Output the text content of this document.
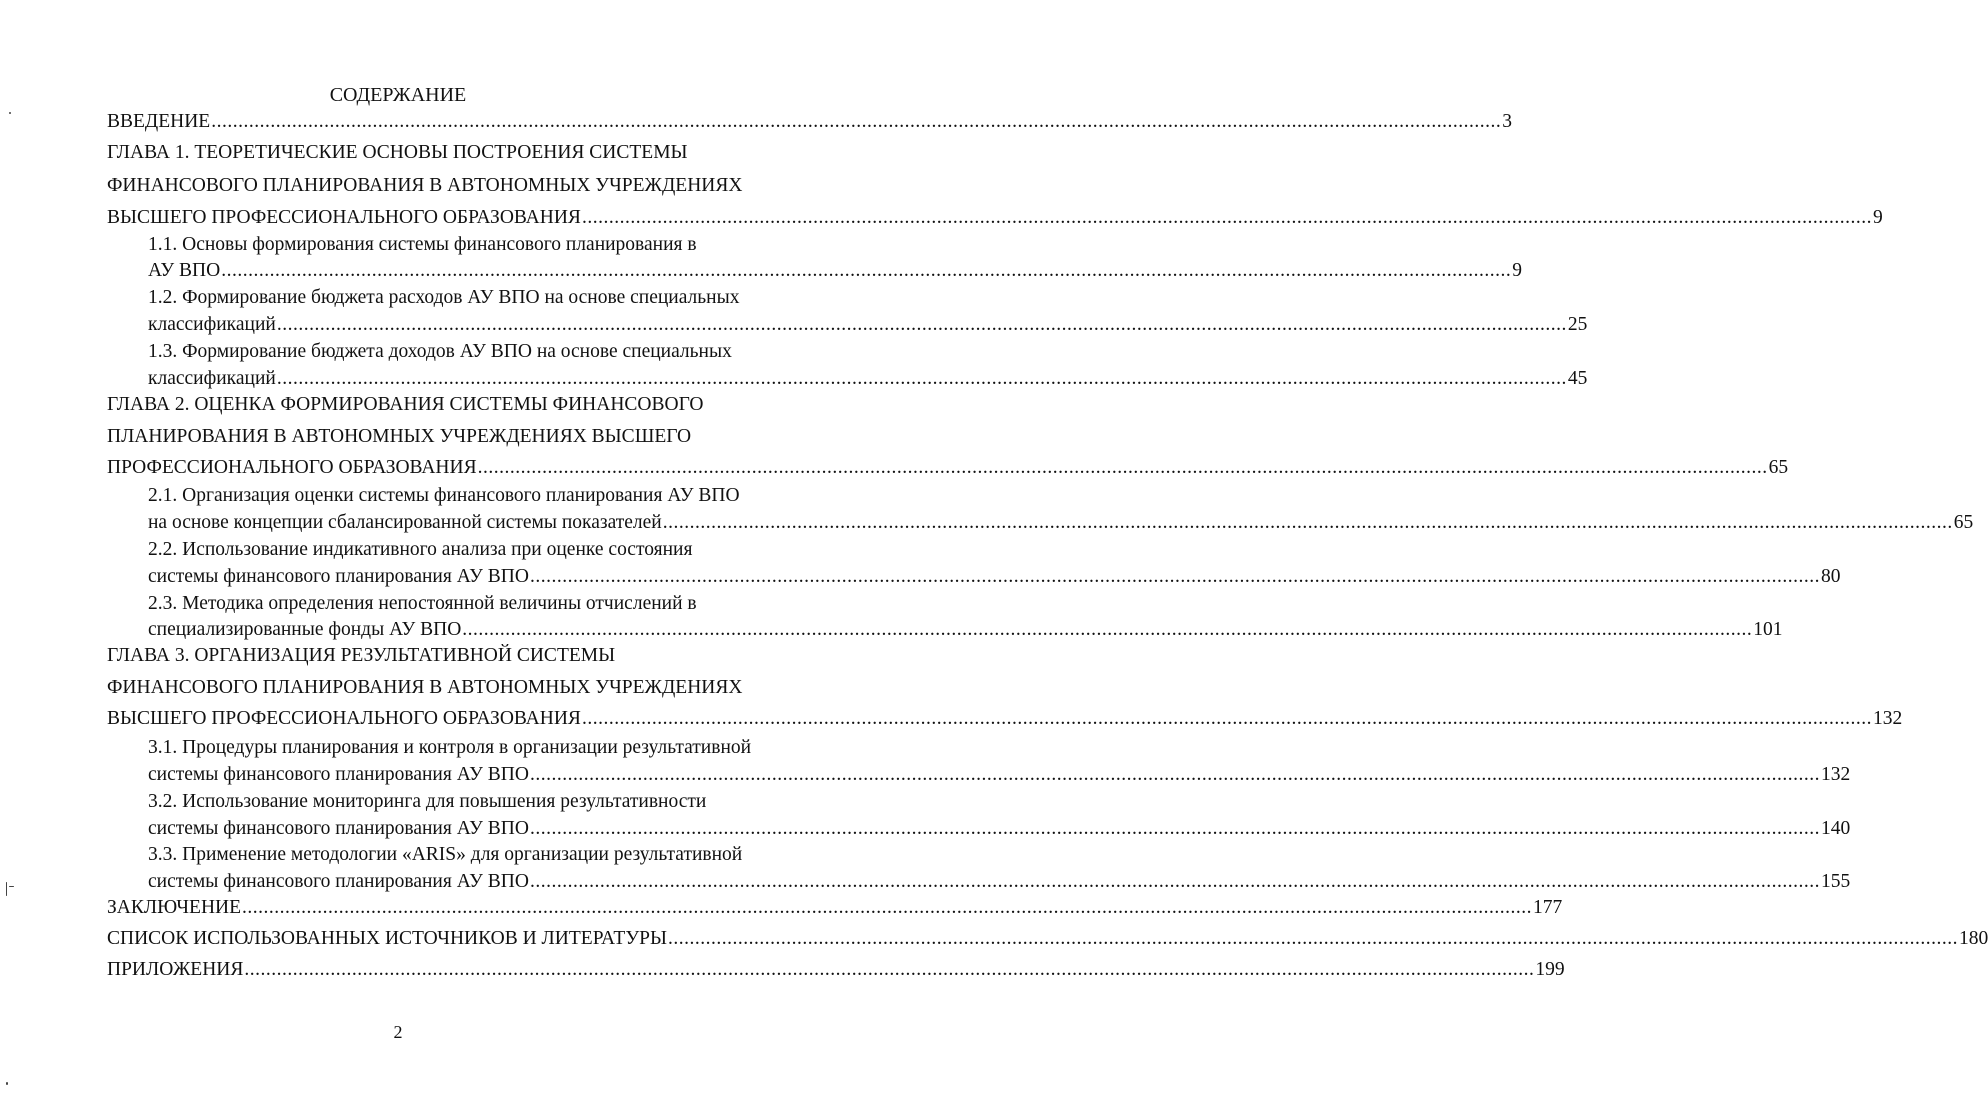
СОДЕРЖАНИЕ
ВВЕДЕНИЕ .....	3
ГЛАВА 1. ТЕОРЕТИЧЕСКИЕ ОСНОВЫ ПОСТРОЕНИЯ СИСТЕМЫ
ФИНАНСОВОГО ПЛАНИРОВАНИЯ В АВТОНОМНЫХ УЧРЕЖДЕНИЯХ
ВЫСШЕГО ПРОФЕССИОНАЛЬНОГО ОБРАЗОВАНИЯ .....	9
1.1. Основы формирования системы финансового планирования в
АУ ВПО .....	9
1.2. Формирование бюджета расходов АУ ВПО на основе специальных
классификаций .....	25
1.3. Формирование бюджета доходов АУ ВПО на основе специальных
классификаций .....	45
ГЛАВА 2. ОЦЕНКА ФОРМИРОВАНИЯ СИСТЕМЫ ФИНАНСОВОГО
ПЛАНИРОВАНИЯ В АВТОНОМНЫХ УЧРЕЖДЕНИЯХ ВЫСШЕГО
ПРОФЕССИОНАЛЬНОГО ОБРАЗОВАНИЯ .....	65
2.1. Организация оценки системы финансового планирования АУ ВПО
на основе концепции сбалансированной системы показателей .....	65
2.2. Использование индикативного анализа при оценке состояния
системы финансового планирования АУ ВПО .....	80
2.3. Методика определения непостоянной величины отчислений в
специализированные фонды АУ ВПО .....	101
ГЛАВА 3. ОРГАНИЗАЦИЯ РЕЗУЛЬТАТИВНОЙ СИСТЕМЫ
ФИНАНСОВОГО ПЛАНИРОВАНИЯ В АВТОНОМНЫХ УЧРЕЖДЕНИЯХ
ВЫСШЕГО ПРОФЕССИОНАЛЬНОГО ОБРАЗОВАНИЯ .....	132
3.1. Процедуры планирования и контроля в организации результативной
системы финансового планирования АУ ВПО .....	132
3.2. Использование мониторинга для повышения результативности
системы финансового планирования АУ ВПО .....	140
3.3. Применение методологии «ARIS» для организации результативной
системы финансового планирования АУ ВПО .....	155
ЗАКЛЮЧЕНИЕ .....	177
СПИСОК ИСПОЛЬЗОВАННЫХ ИСТОЧНИКОВ И ЛИТЕРАТУРЫ .....	180
ПРИЛОЖЕНИЯ .....	199
2
